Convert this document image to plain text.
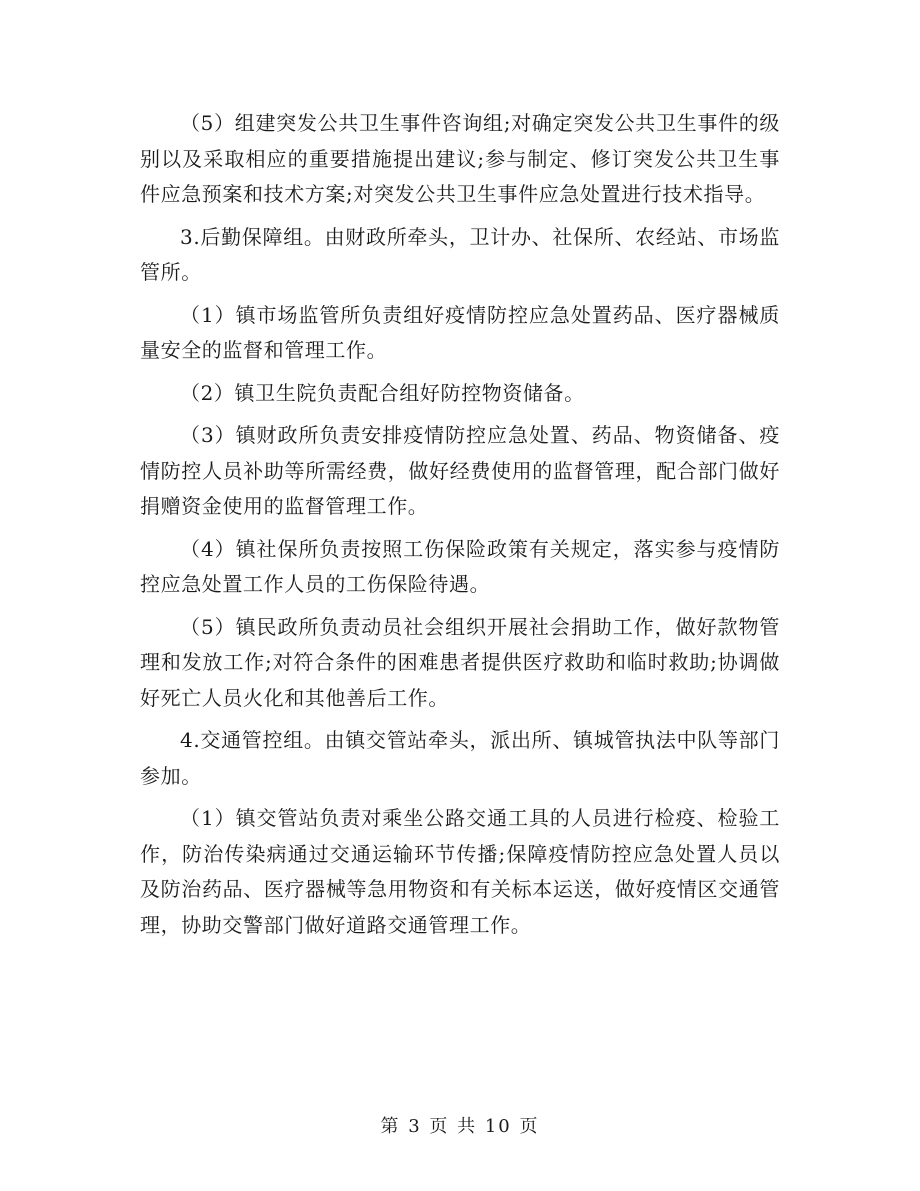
（5）组建突发公共卫生事件咨询组;对确定突发公共卫生事件的级别以及采取相应的重要措施提出建议;参与制定、修订突发公共卫生事件应急预案和技术方案;对突发公共卫生事件应急处置进行技术指导。

3.后勤保障组。由财政所牵头，卫计办、社保所、农经站、市场监管所。

（1）镇市场监管所负责组好疫情防控应急处置药品、医疗器械质量安全的监督和管理工作。

（2）镇卫生院负责配合组好防控物资储备。

（3）镇财政所负责安排疫情防控应急处置、药品、物资储备、疫情防控人员补助等所需经费，做好经费使用的监督管理，配合部门做好捐赠资金使用的监督管理工作。

（4）镇社保所负责按照工伤保险政策有关规定，落实参与疫情防控应急处置工作人员的工伤保险待遇。

（5）镇民政所负责动员社会组织开展社会捐助工作，做好款物管理和发放工作;对符合条件的困难患者提供医疗救助和临时救助;协调做好死亡人员火化和其他善后工作。

4.交通管控组。由镇交管站牵头，派出所、镇城管执法中队等部门参加。

（1）镇交管站负责对乘坐公路交通工具的人员进行检疫、检验工作，防治传染病通过交通运输环节传播;保障疫情防控应急处置人员以及防治药品、医疗器械等急用物资和有关标本运送，做好疫情区交通管理，协助交警部门做好道路交通管理工作。

第 3 页 共 10 页
